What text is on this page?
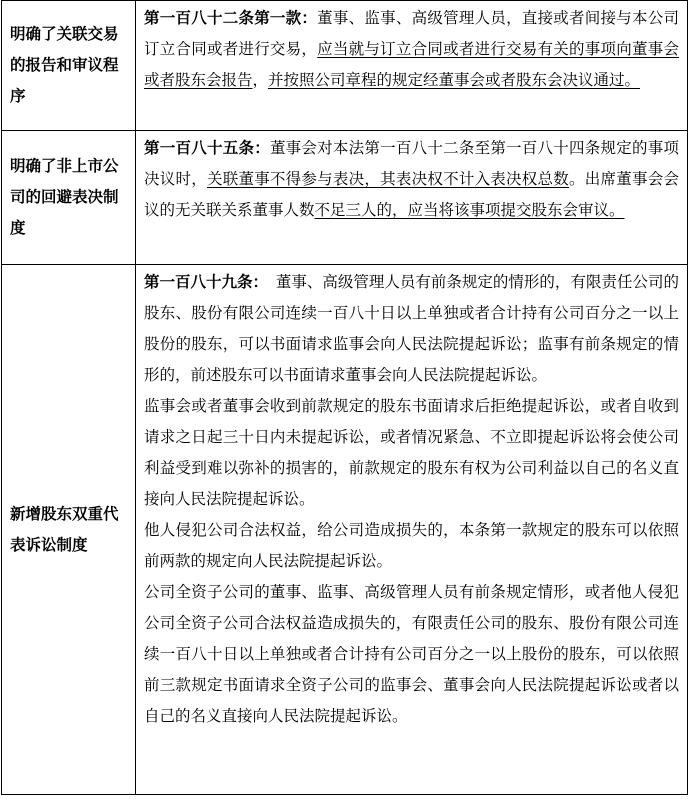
明确了关联交易的报告和审议程序	第一百八十二条第一款：董事、监事、高级管理人员，直接或者间接与本公司订立合同或者进行交易，应当就与订立合同或者进行交易有关的事项向董事会或者股东会报告，并按照公司章程的规定经董事会或者股东会决议通过。

明确了非上市公司的回避表决制度	第一百八十五条：董事会对本法第一百八十二条至第一百八十四条规定的事项决议时，关联董事不得参与表决，其表决权不计入表决权总数。出席董事会会议的无关联关系董事人数不足三人的，应当将该事项提交股东会审议。

新增股东双重代表诉讼制度	第一百八十九条：　董事、高级管理人员有前条规定的情形的，有限责任公司的股东、股份有限公司连续一百八十日以上单独或者合计持有公司百分之一以上股份的股东，可以书面请求监事会向人民法院提起诉讼；监事有前条规定的情形的，前述股东可以书面请求董事会向人民法院提起诉讼。

监事会或者董事会收到前款规定的股东书面请求后拒绝提起诉讼，或者自收到请求之日起三十日内未提起诉讼，或者情况紧急、不立即提起诉讼将会使公司利益受到难以弥补的损害的，前款规定的股东有权为公司利益以自己的名义直接向人民法院提起诉讼。

他人侵犯公司合法权益，给公司造成损失的，本条第一款规定的股东可以依照前两款的规定向人民法院提起诉讼。

公司全资子公司的董事、监事、高级管理人员有前条规定情形，或者他人侵犯公司全资子公司合法权益造成损失的，有限责任公司的股东、股份有限公司连续一百八十日以上单独或者合计持有公司百分之一以上股份的股东，可以依照前三款规定书面请求全资子公司的监事会、董事会向人民法院提起诉讼或者以自己的名义直接向人民法院提起诉讼。
